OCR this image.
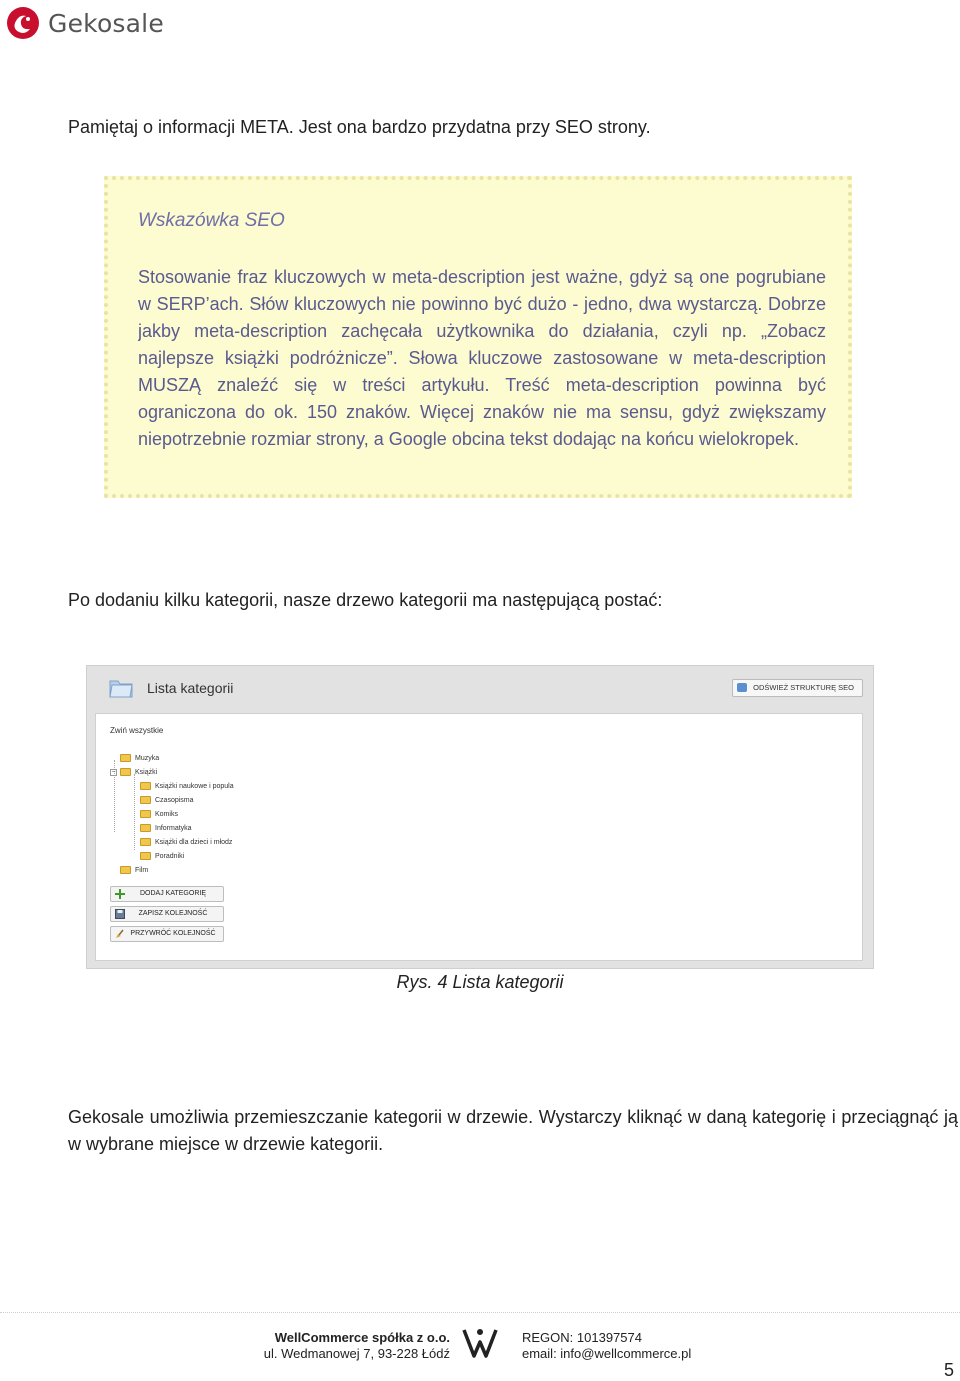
Gekosale
Pamiętaj o informacji META. Jest ona bardzo przydatna przy SEO strony.
Wskazówka SEO
Stosowanie fraz kluczowych w meta-description jest ważne, gdyż są one pogrubiane w SERP’ach. Słów kluczowych nie powinno być dużo - jedno, dwa wystarczą. Dobrze jakby meta-description zachęcała użytkownika do działania, czyli np. „Zobacz najlepsze książki podróżnicze”. Słowa kluczowe zastosowane w meta-description MUSZĄ znaleźć się w treści artykułu. Treść meta-description powinna być ograniczona do ok. 150 znaków. Więcej znaków nie ma sensu, gdyż zwiększamy niepotrzebnie rozmiar strony, a Google obcina tekst dodając na końcu wielokropek.
Po dodaniu kilku kategorii, nasze drzewo kategorii ma następującą postać:
Lista kategorii	ODŚWIEŻ STRUKTURĘ SEO
Zwiń wszystkie
Muzyka
−	Książki
Książki naukowe i popula
Czasopisma
Komiks
Informatyka
Książki dla dzieci i młodz
Poradniki
Film
DODAJ KATEGORIĘ
ZAPISZ KOLEJNOŚĆ
PRZYWRÓĆ KOLEJNOŚĆ
Rys. 4 Lista kategorii
Gekosale umożliwia przemieszczanie kategorii w drzewie. Wystarczy kliknąć w daną kategorię i przeciągnąć ją w wybrane miejsce w drzewie kategorii.
WellCommerce spółka z o.o.
ul. Wedmanowej 7, 93-228 Łódź
REGON: 101397574
email: info@wellcommerce.pl
5
